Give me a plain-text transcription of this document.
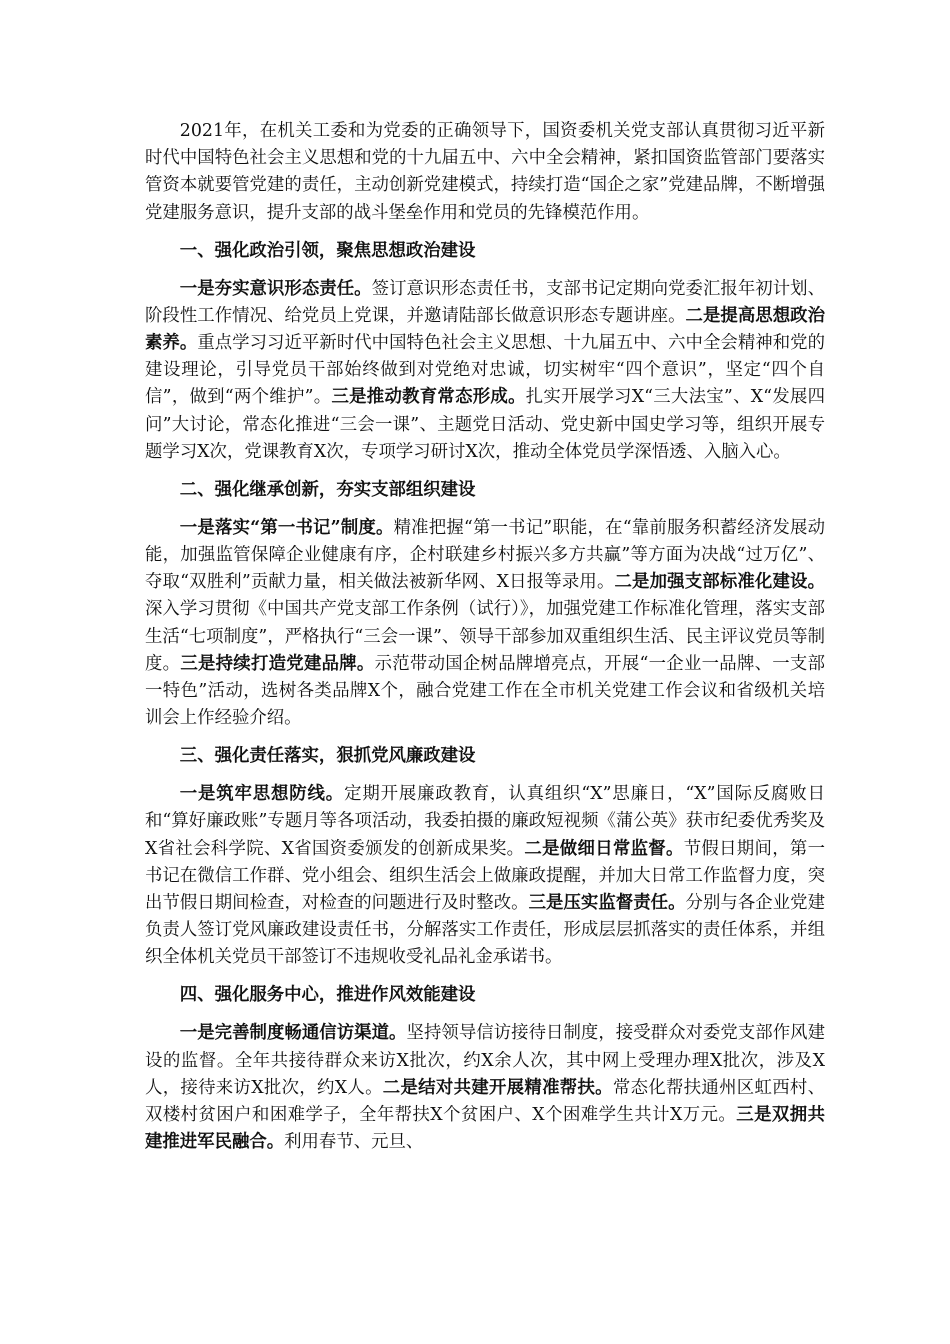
2021年，在机关工委和为党委的正确领导下，国资委机关党支部认真贯彻习近平新时代中国特色社会主义思想和党的十九届五中、六中全会精神，紧扣国资监管部门要落实管资本就要管党建的责任，主动创新党建模式，持续打造“国企之家”党建品牌，不断增强党建服务意识，提升支部的战斗堡垒作用和党员的先锋模范作用。

一、强化政治引领，聚焦思想政治建设

一是夯实意识形态责任。签订意识形态责任书，支部书记定期向党委汇报年初计划、阶段性工作情况、给党员上党课，并邀请陆部长做意识形态专题讲座。二是提高思想政治素养。重点学习习近平新时代中国特色社会主义思想、十九届五中、六中全会精神和党的建设理论，引导党员干部始终做到对党绝对忠诚，切实树牢“四个意识”，坚定“四个自信”，做到“两个维护”。三是推动教育常态形成。扎实开展学习X“三大法宝”、X“发展四问”大讨论，常态化推进“三会一课”、主题党日活动、党史新中国史学习等，组织开展专题学习X次，党课教育X次，专项学习研讨X次，推动全体党员学深悟透、入脑入心。

二、强化继承创新，夯实支部组织建设

一是落实“第一书记”制度。精准把握“第一书记”职能，在“靠前服务积蓄经济发展动能，加强监管保障企业健康有序，企村联建乡村振兴多方共赢”等方面为决战“过万亿”、夺取“双胜利”贡献力量，相关做法被新华网、X日报等录用。二是加强支部标准化建设。深入学习贯彻《中国共产党支部工作条例（试行）》，加强党建工作标准化管理，落实支部生活“七项制度”，严格执行“三会一课”、领导干部参加双重组织生活、民主评议党员等制度。三是持续打造党建品牌。示范带动国企树品牌增亮点，开展“一企业一品牌、一支部一特色”活动，选树各类品牌X个，融合党建工作在全市机关党建工作会议和省级机关培训会上作经验介绍。

三、强化责任落实，狠抓党风廉政建设

一是筑牢思想防线。定期开展廉政教育，认真组织“X”思廉日，“X”国际反腐败日和“算好廉政账”专题月等各项活动，我委拍摄的廉政短视频《蒲公英》获市纪委优秀奖及X省社会科学院、X省国资委颁发的创新成果奖。二是做细日常监督。节假日期间，第一书记在微信工作群、党小组会、组织生活会上做廉政提醒，并加大日常工作监督力度，突出节假日期间检查，对检查的问题进行及时整改。三是压实监督责任。分别与各企业党建负责人签订党风廉政建设责任书，分解落实工作责任，形成层层抓落实的责任体系，并组织全体机关党员干部签订不违规收受礼品礼金承诺书。

四、强化服务中心，推进作风效能建设

一是完善制度畅通信访渠道。坚持领导信访接待日制度，接受群众对委党支部作风建设的监督。全年共接待群众来访X批次，约X余人次，其中网上受理办理X批次，涉及X人，接待来访X批次，约X人。二是结对共建开展精准帮扶。常态化帮扶通州区虹西村、双楼村贫困户和困难学子，全年帮扶X个贫困户、X个困难学生共计X万元。三是双拥共建推进军民融合。利用春节、元旦、
